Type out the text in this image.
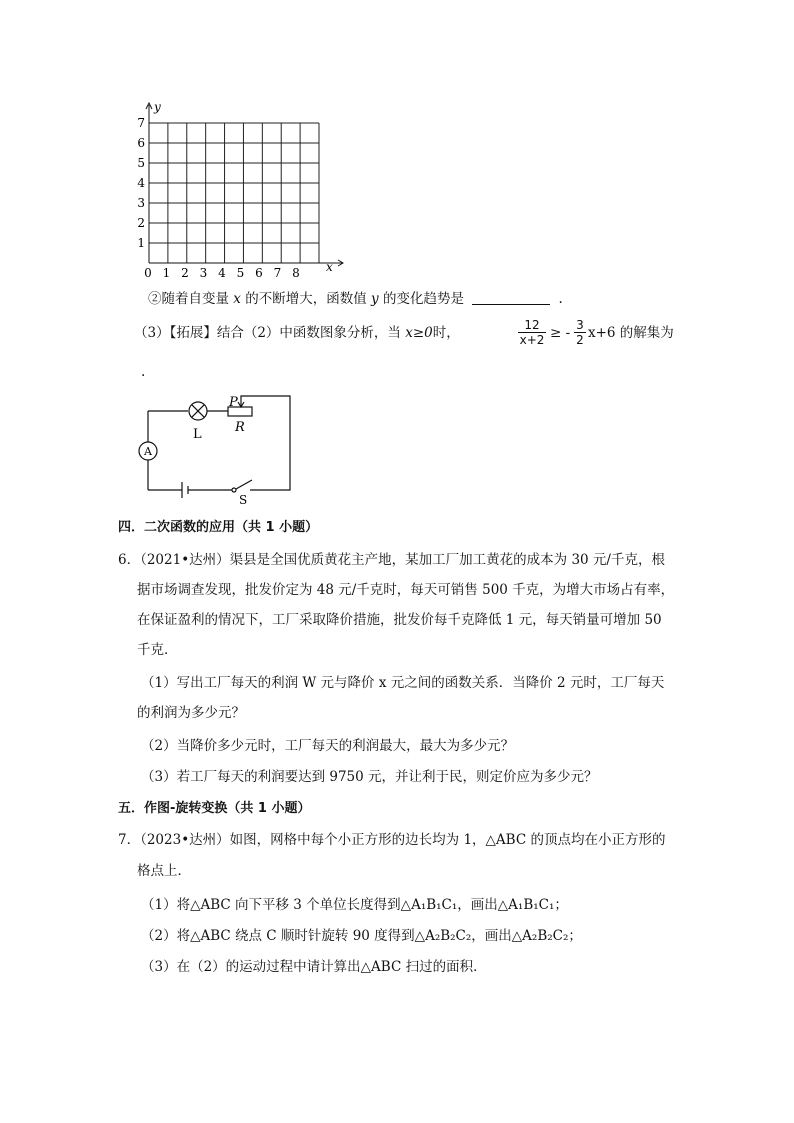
y
x
1
2
3
4
5
6
7
0 1 2 3 4 5 6 7 8
②随着自变量 x 的不断增大，函数值 y 的变化趋势是	.
（3）【拓展】结合（2）中函数图象分析，当 x≥0时，	$\frac{12}{x+2}$ ≥ - $\frac{3}{2} x+6$ 的解集为
.
P
R
L
A
S
四．二次函数的应用（共 1 小题）
6．（2021•达州）渠县是全国优质黄花主产地，某加工厂加工黄花的成本为 30 元/千克，根
据市场调查发现，批发价定为 48 元/千克时，每天可销售 500 千克，为增大市场占有率，
在保证盈利的情况下，工厂采取降价措施，批发价每千克降低 1 元，每天销量可增加 50
千克．
（1）写出工厂每天的利润 W 元与降价 x 元之间的函数关系．当降价 2 元时，工厂每天
的利润为多少元？
（2）当降价多少元时，工厂每天的利润最大，最大为多少元？
（3）若工厂每天的利润要达到 9750 元，并让利于民，则定价应为多少元？
五．作图-旋转变换（共 1 小题）
7．（2023•达州）如图，网格中每个小正方形的边长均为 1，△ABC 的顶点均在小正方形的
格点上．
（1）将△ABC 向下平移 3 个单位长度得到△A₁B₁C₁，画出△A₁B₁C₁；
（2）将△ABC 绕点 C 顺时针旋转 90 度得到△A₂B₂C₂，画出△A₂B₂C₂；
（3）在（2）的运动过程中请计算出△ABC 扫过的面积．
